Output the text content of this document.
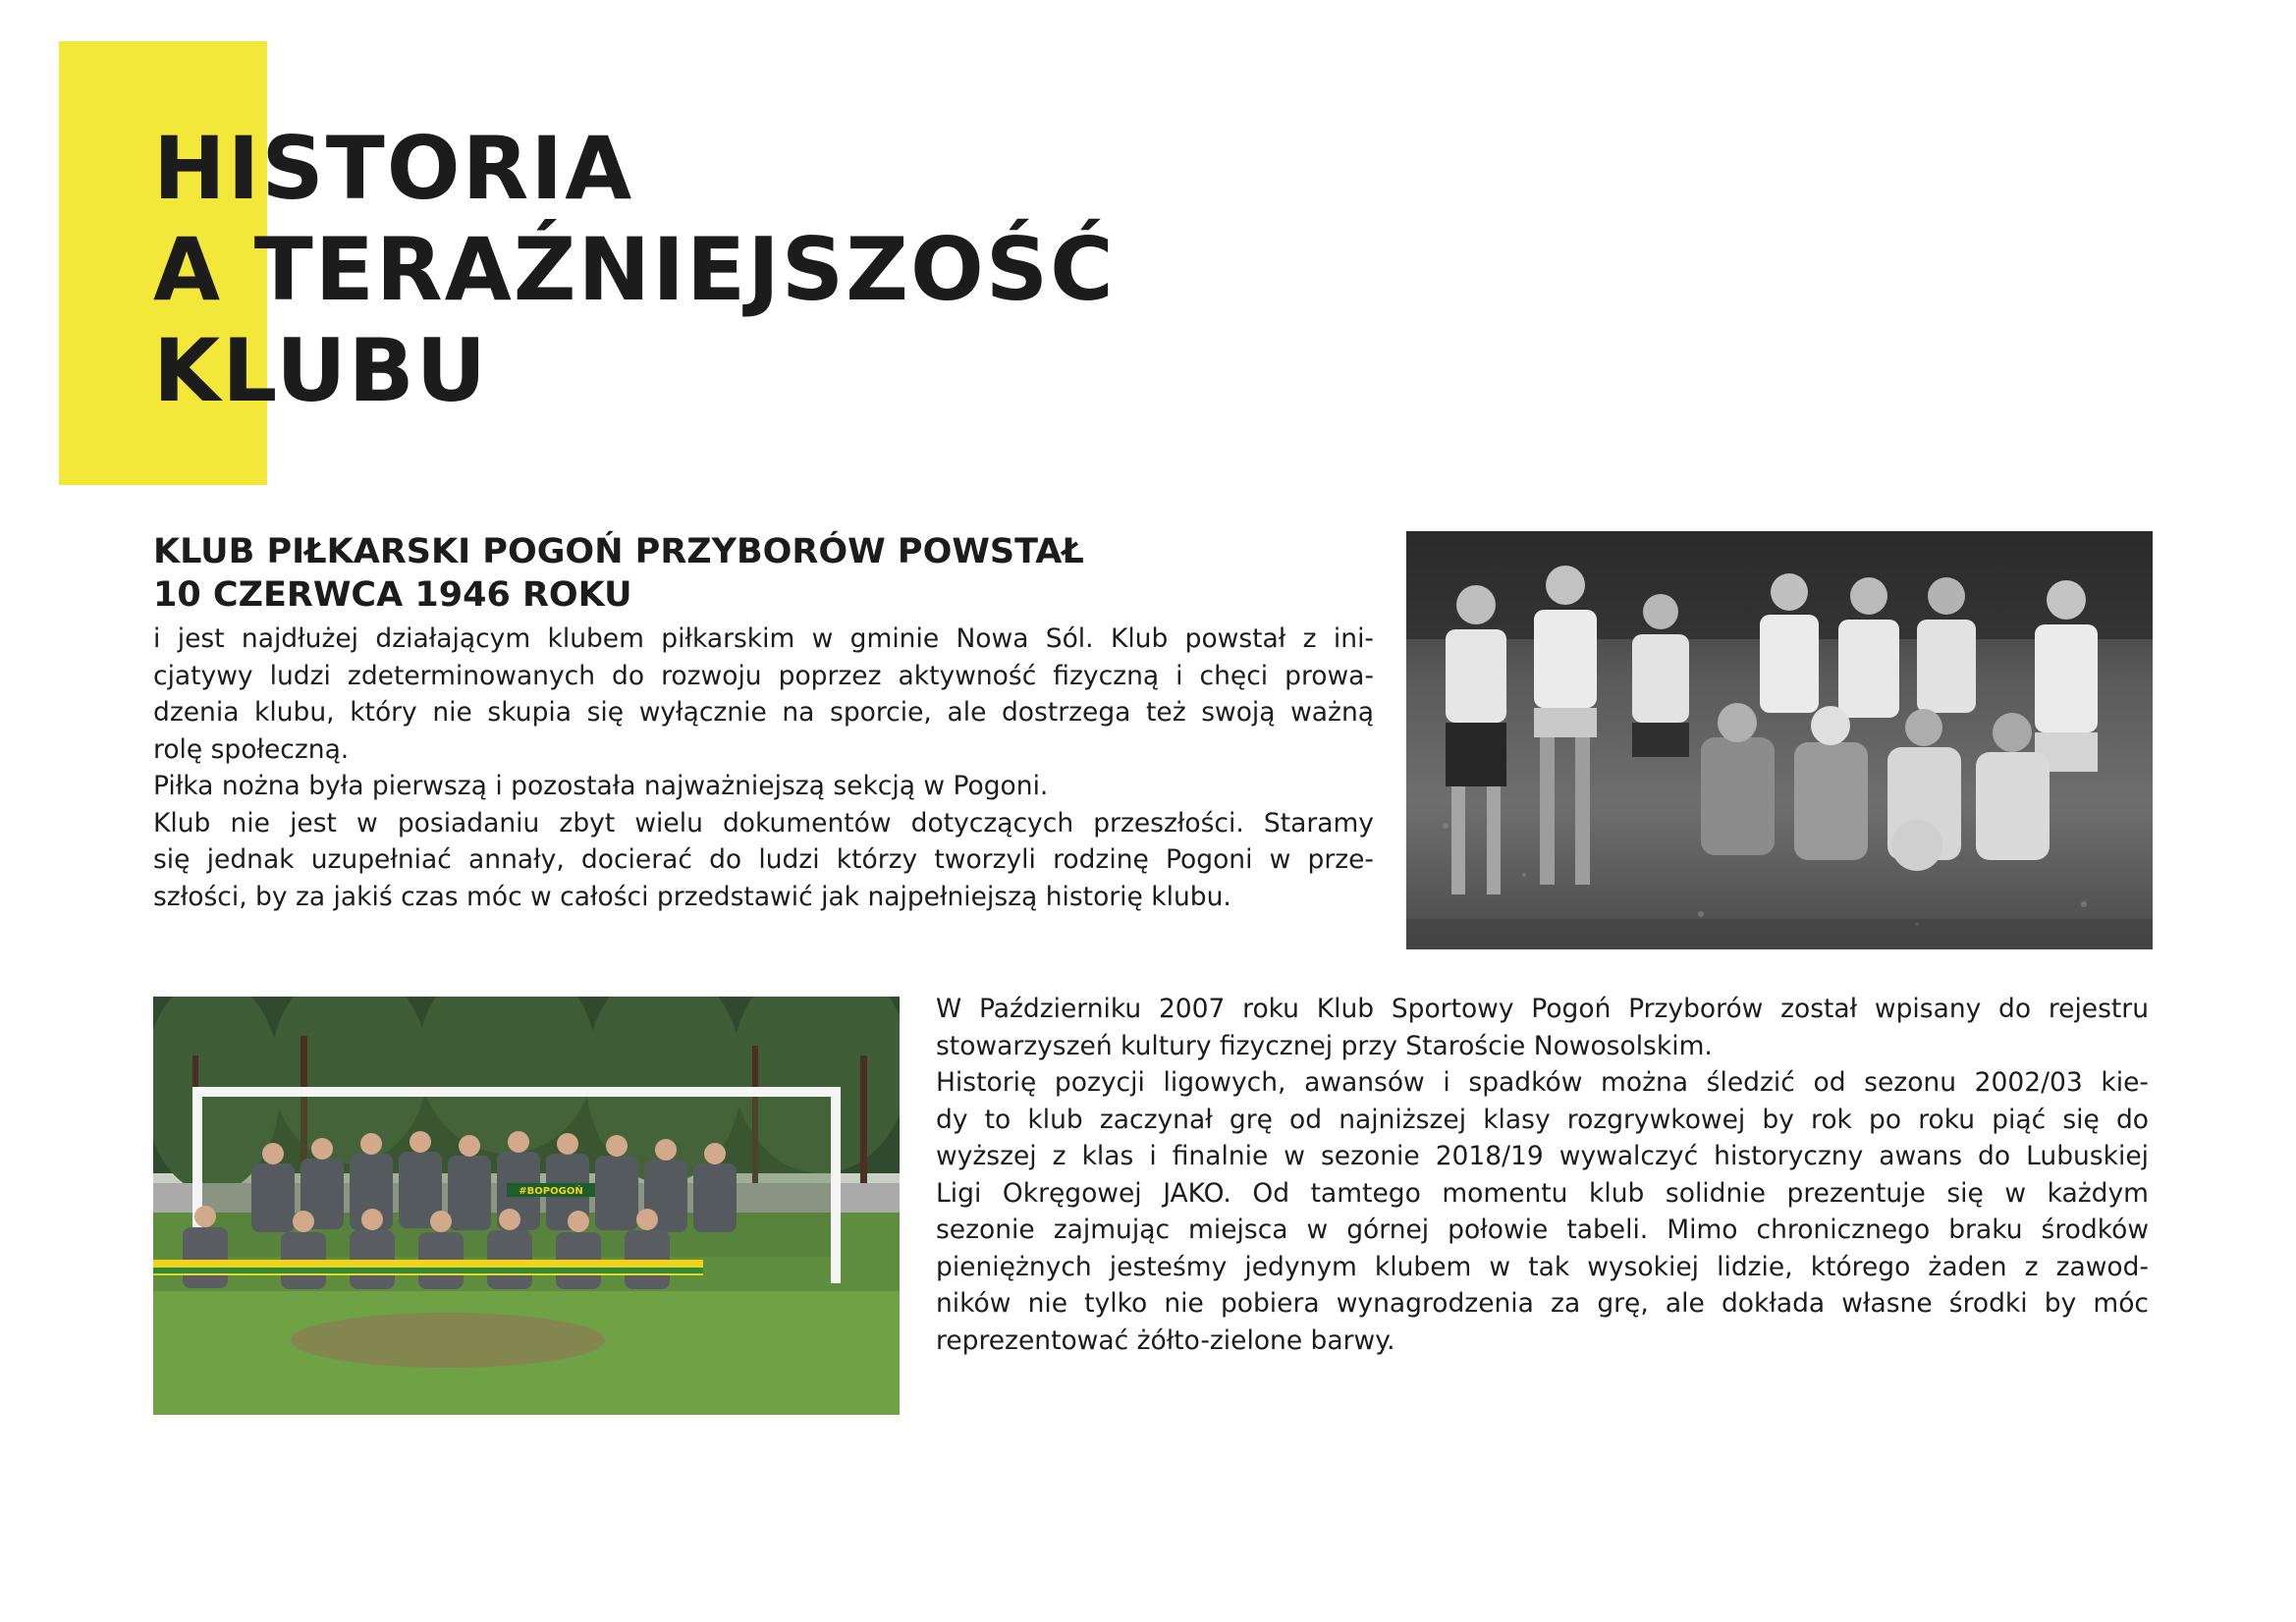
HISTORIA
A TERAŹNIEJSZOŚĆ
KLUBU
KLUB PIŁKARSKI POGOŃ PRZYBORÓW POWSTAŁ
10 CZERWCA 1946 ROKU
i jest najdłużej działającym klubem piłkarskim w gminie Nowa Sól. Klub powstał z ini-
cjatywy ludzi zdeterminowanych do rozwoju poprzez aktywność fizyczną i chęci prowa-
dzenia klubu, który nie skupia się wyłącznie na sporcie, ale dostrzega też swoją ważną
rolę społeczną.
Piłka nożna była pierwszą i pozostała najważniejszą sekcją w Pogoni.
Klub nie jest w posiadaniu zbyt wielu dokumentów dotyczących przeszłości. Staramy
się jednak uzupełniać annały, docierać do ludzi którzy tworzyli rodzinę Pogoni w prze-
szłości, by za jakiś czas móc w całości przedstawić jak najpełniejszą historię klubu.
#BOPOGOŃ
W Październiku 2007 roku Klub Sportowy Pogoń Przyborów został wpisany do rejestru
stowarzyszeń kultury fizycznej przy Staroście Nowosolskim.
Historię pozycji ligowych, awansów i spadków można śledzić od sezonu 2002/03 kie-
dy to klub zaczynał grę od najniższej klasy rozgrywkowej by rok po roku piąć się do
wyższej z klas i finalnie w sezonie 2018/19 wywalczyć historyczny awans do Lubuskiej
Ligi Okręgowej JAKO. Od tamtego momentu klub solidnie prezentuje się w każdym
sezonie zajmując miejsca w górnej połowie tabeli. Mimo chronicznego braku środków
pieniężnych jesteśmy jedynym klubem w tak wysokiej lidzie, którego żaden z zawod-
ników nie tylko nie pobiera wynagrodzenia za grę, ale dokłada własne środki by móc
reprezentować żółto-zielone barwy.
